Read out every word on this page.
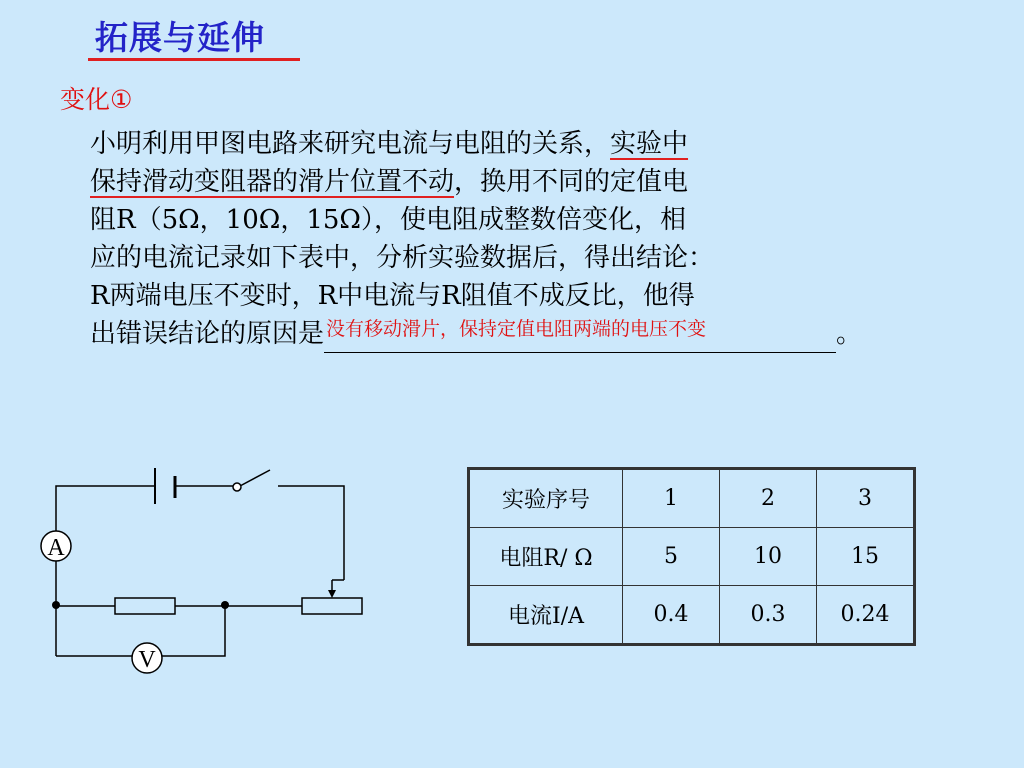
拓展与延伸
变化①
小明利用甲图电路来研究电流与电阻的关系，实验中
保持滑动变阻器的滑片位置不动，换用不同的定值电
阻R（5Ω，10Ω，15Ω），使电阻成整数倍变化，相
应的电流记录如下表中，分析实验数据后，得出结论：
R两端电压不变时，R中电流与R阻值不成反比，他得
出错误结论的原因是 没有移动滑片，保持定值电阻两端的电压不变	。
A
V
实验序号	1	2	3
电阻R/ Ω	5	10	15
电流I/A	0.4	0.3	0.24
